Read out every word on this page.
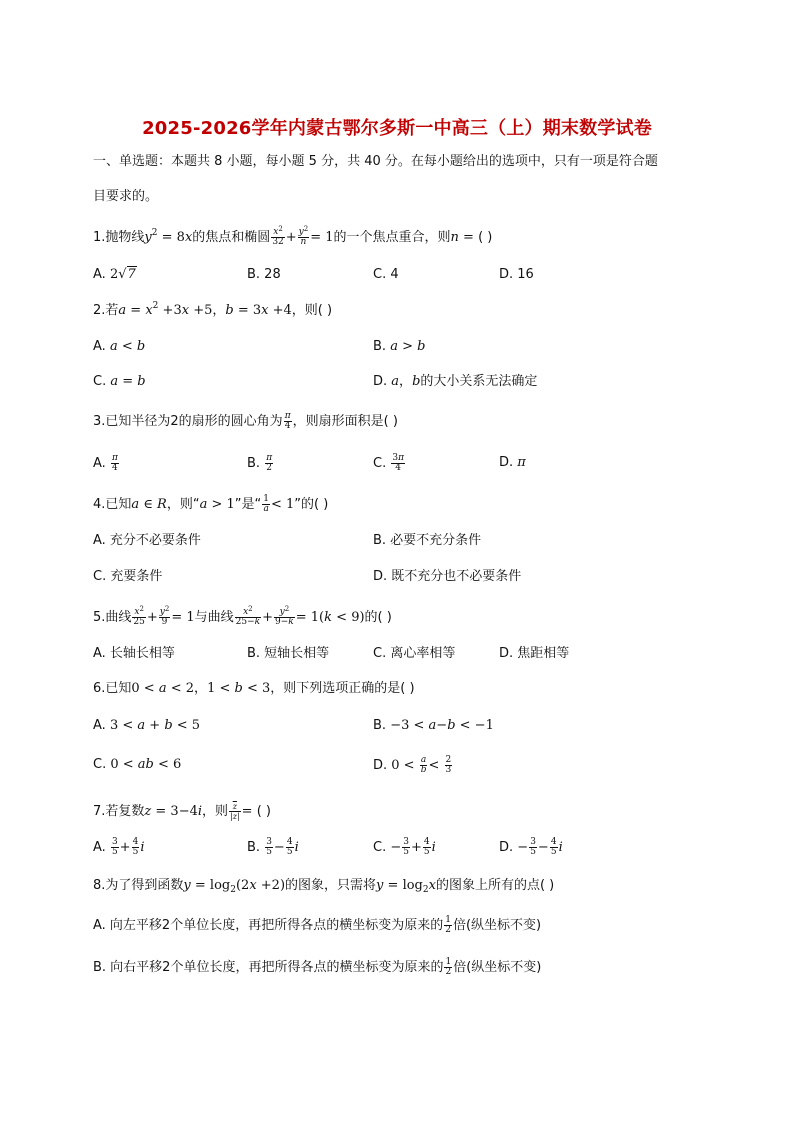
2025-2026学年内蒙古鄂尔多斯一中高三（上）期末数学试卷
一、单选题：本题共 8 小题，每小题 5 分，共 40 分。在每小题给出的选项中，只有一项是符合题
目要求的。
1.抛物线$y^2 = 8x$的焦点和椭圆 $\frac{x^2}{32} + \frac{y^2}{n} = 1$的一个焦点重合，则n = ( )
A. 2√7	B. 28	C. 4	D. 16
2.若$a = x^2 +3x +5$，b = 3x +4，则( )
A. a < b	B. a > b
C. a = b	D. a，b的大小关系无法确定
3.已知半径为2的扇形的圆心角为 $\frac{\pi}{4}$ ，则扇形面积是( )
A. $\frac{\pi}{4}$	B. $\frac{\pi}{2}$	C. $\frac{3\pi}{4}$	D. π
4.已知a ∈ R，则“a > 1”是“ $\frac{1}{a} < 1$”的( )
A. 充分不必要条件	B. 必要不充分条件
C. 充要条件	D. 既不充分也不必要条件
5.曲线 $\frac{x^2}{25} + \frac{y^2}{9} = 1$与曲线 $\frac{x^2}{25-k} + \frac{y^2}{9-k} = 1(k < 9)$的( )
A. 长轴长相等	B. 短轴长相等	C. 离心率相等	D. 焦距相等
6.已知0 < a < 2，1 < b < 3，则下列选项正确的是( )
A. 3 < a + b < 5	B. −3 < a−b < −1
C. 0 < ab < 6	D. $0 < \frac{a}{b} < \frac{2}{3}$
7.若复数z = 3−4i，则 $\frac{\overline{z}}{|z|}$ = ( )
A. $\frac{3}{5} + \frac{4}{5}$ i	B. $\frac{3}{5} - \frac{4}{5}$ i	C. − $\frac{3}{5} + \frac{4}{5}$ i	D. − $\frac{3}{5} - \frac{4}{5}$ i
8.为了得到函数$y = \log_2(2x +2)$的图象，只需将$y = \log_2x$的图象上所有的点( )
A. 向左平移2个单位长度，再把所得各点的横坐标变为原来的 $\frac{1}{2}$ 倍(纵坐标不变)
B. 向右平移2个单位长度，再把所得各点的横坐标变为原来的 $\frac{1}{2}$ 倍(纵坐标不变)
